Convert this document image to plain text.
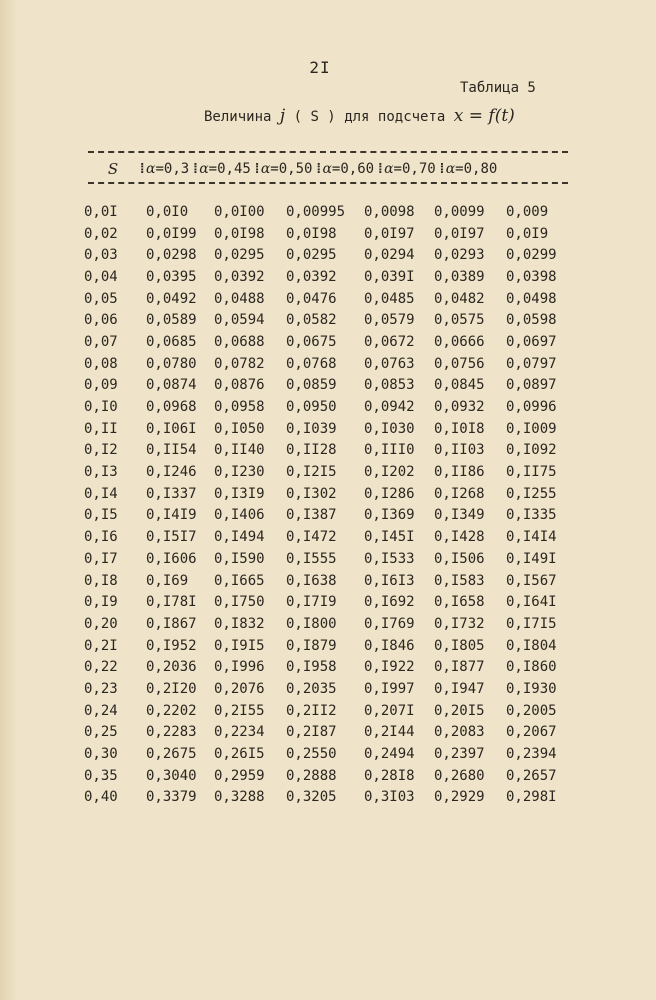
2I
Таблица 5
Величина j ( S ) для подсчета x = f(t)
S	⁞ α =0,3 ⁞ α =0,45 ⁞ α =0,50 ⁞ α =0,60 ⁞ α =0,70 ⁞ α =0,80
0,0I	0,0I0	0,0I00	0,00995	0,0098	0,0099	0,009
0,02	0,0I99	0,0I98	0,0I98	0,0I97	0,0I97	0,0I9
0,03	0,0298	0,0295	0,0295	0,0294	0,0293	0,0299
0,04	0,0395	0,0392	0,0392	0,039I	0,0389	0,0398
0,05	0,0492	0,0488	0,0476	0,0485	0,0482	0,0498
0,06	0,0589	0,0594	0,0582	0,0579	0,0575	0,0598
0,07	0,0685	0,0688	0,0675	0,0672	0,0666	0,0697
0,08	0,0780	0,0782	0,0768	0,0763	0,0756	0,0797
0,09	0,0874	0,0876	0,0859	0,0853	0,0845	0,0897
0,I0	0,0968	0,0958	0,0950	0,0942	0,0932	0,0996
0,II	0,I06I	0,I050	0,I039	0,I030	0,I0I8	0,I009
0,I2	0,II54	0,II40	0,II28	0,III0	0,II03	0,I092
0,I3	0,I246	0,I230	0,I2I5	0,I202	0,II86	0,II75
0,I4	0,I337	0,I3I9	0,I302	0,I286	0,I268	0,I255
0,I5	0,I4I9	0,I406	0,I387	0,I369	0,I349	0,I335
0,I6	0,I5I7	0,I494	0,I472	0,I45I	0,I428	0,I4I4
0,I7	0,I606	0,I590	0,I555	0,I533	0,I506	0,I49I
0,I8	0,I69	0,I665	0,I638	0,I6I3	0,I583	0,I567
0,I9	0,I78I	0,I750	0,I7I9	0,I692	0,I658	0,I64I
0,20	0,I867	0,I832	0,I800	0,I769	0,I732	0,I7I5
0,2I	0,I952	0,I9I5	0,I879	0,I846	0,I805	0,I804
0,22	0,2036	0,I996	0,I958	0,I922	0,I877	0,I860
0,23	0,2I20	0,2076	0,2035	0,I997	0,I947	0,I930
0,24	0,2202	0,2I55	0,2II2	0,207I	0,20I5	0,2005
0,25	0,2283	0,2234	0,2I87	0,2I44	0,2083	0,2067
0,30	0,2675	0,26I5	0,2550	0,2494	0,2397	0,2394
0,35	0,3040	0,2959	0,2888	0,28I8	0,2680	0,2657
0,40	0,3379	0,3288	0,3205	0,3I03	0,2929	0,298I
